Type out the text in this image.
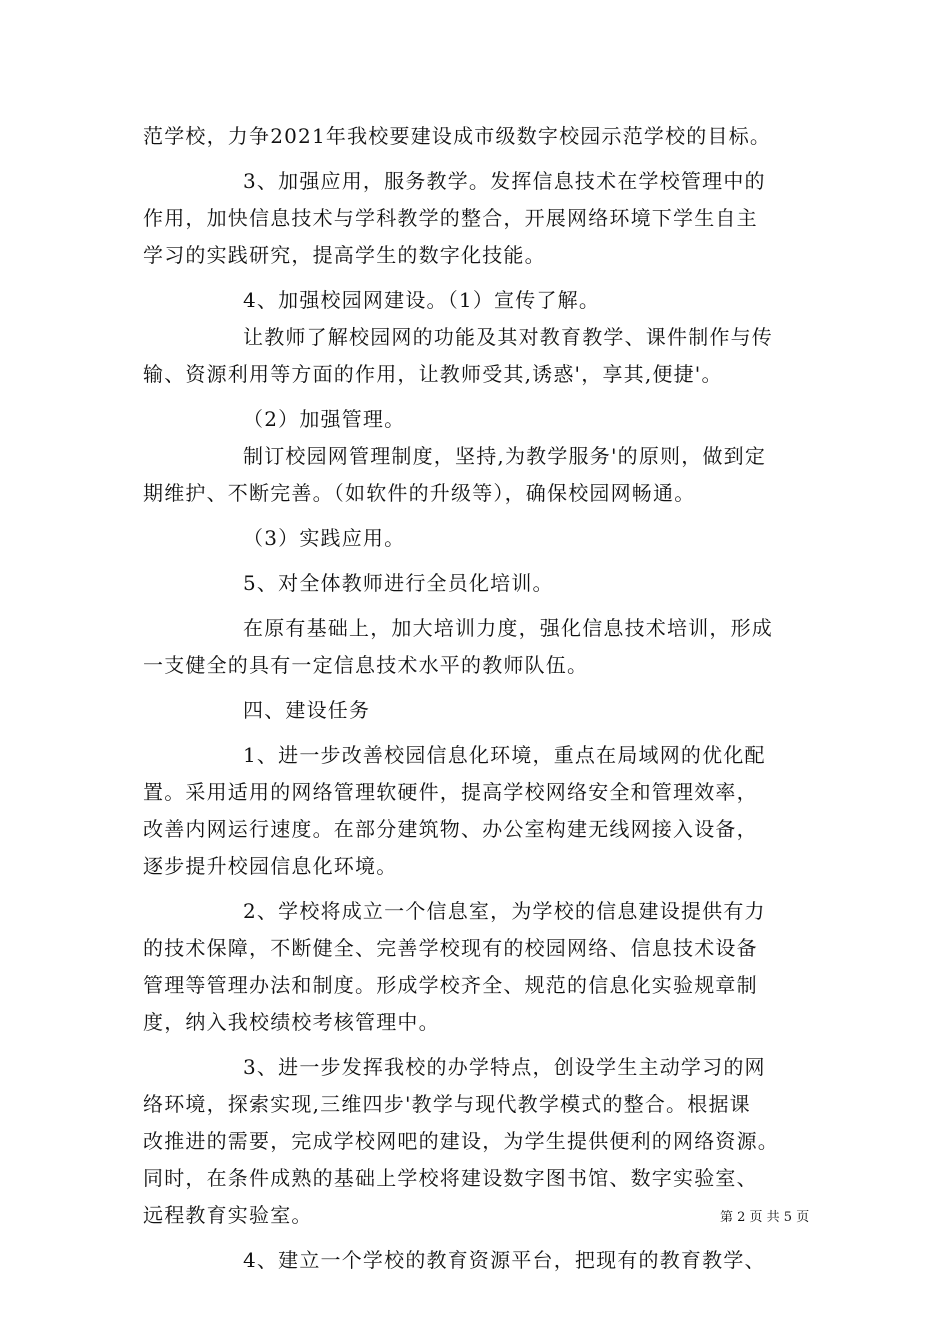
范学校，力争2021年我校要建设成市级数字校园示范学校的目标。
3、加强应用，服务教学。发挥信息技术在学校管理中的
作用，加快信息技术与学科教学的整合，开展网络环境下学生自主
学习的实践研究，提高学生的数字化技能。
4、加强校园网建设。（1）宣传了解。
让教师了解校园网的功能及其对教育教学、课件制作与传
输、资源利用等方面的作用，让教师受其,诱惑'，享其,便捷'。
（2）加强管理。
制订校园网管理制度，坚持,为教学服务'的原则，做到定
期维护、不断完善。（如软件的升级等），确保校园网畅通。
（3）实践应用。
5、对全体教师进行全员化培训。
在原有基础上，加大培训力度，强化信息技术培训，形成
一支健全的具有一定信息技术水平的教师队伍。
四、建设任务
1、进一步改善校园信息化环境，重点在局域网的优化配
置。采用适用的网络管理软硬件，提高学校网络安全和管理效率，
改善内网运行速度。在部分建筑物、办公室构建无线网接入设备，
逐步提升校园信息化环境。
2、学校将成立一个信息室，为学校的信息建设提供有力
的技术保障，不断健全、完善学校现有的校园网络、信息技术设备
管理等管理办法和制度。形成学校齐全、规范的信息化实验规章制
度，纳入我校绩校考核管理中。
3、进一步发挥我校的办学特点，创设学生主动学习的网
络环境，探索实现,三维四步'教学与现代教学模式的整合。根据课
改推进的需要，完成学校网吧的建设，为学生提供便利的网络资源。
同时，在条件成熟的基础上学校将建设数字图书馆、数字实验室、
远程教育实验室。
4、建立一个学校的教育资源平台，把现有的教育教学、
第 2 页 共 5 页
